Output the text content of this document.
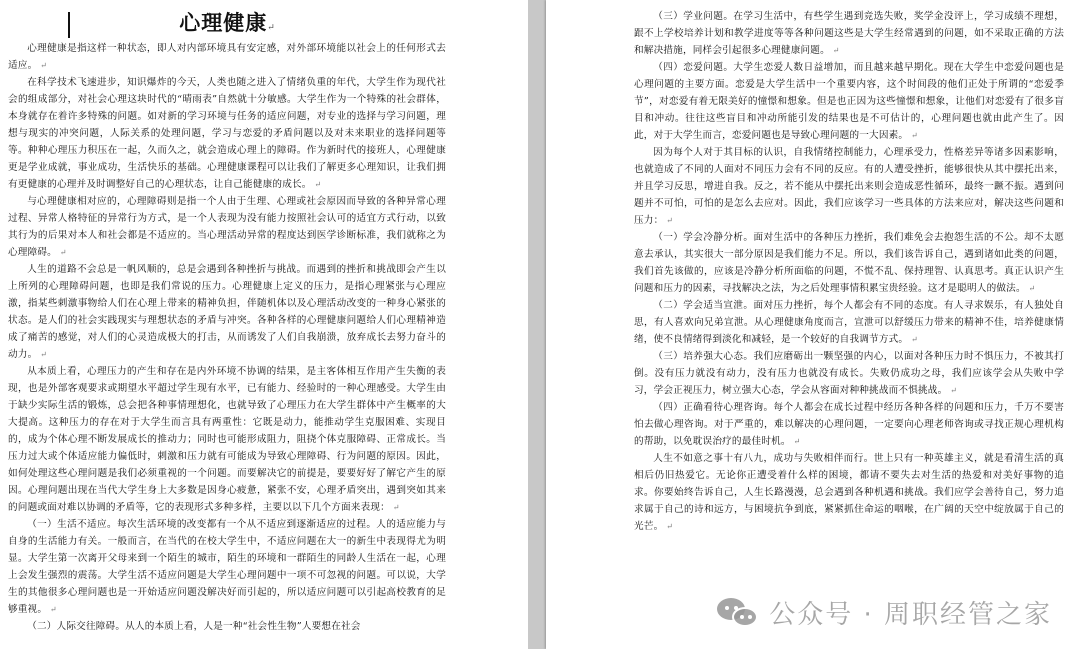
心理健康↵

心理健康是指这样一种状态，即人对内部环境具有安定感，对外部环境能以社会上的任何形式去适应。 ↵

在科学技术飞速进步，知识爆炸的今天，人类也随之进入了情绪负重的年代，大学生作为现代社会的组成部分，对社会心理这块时代的“晴雨表”自然就十分敏感。大学生作为一个特殊的社会群体，本身就存在着许多特殊的问题。如对新的学习环境与任务的适应问题，对专业的选择与学习问题，理想与现实的冲突问题，人际关系的处理问题，学习与恋爱的矛盾问题以及对未来职业的选择问题等等。种种心理压力积压在一起，久而久之，就会造成心理上的障碍。作为新时代的接班人，心理健康更是学业成就，事业成功，生活快乐的基础。心理健康课程可以让我们了解更多心理知识，让我们拥有更健康的心理并及时调整好自己的心理状态，让自己能健康的成长。 ↵

与心理健康相对应的，心理障碍则是指一个人由于生理、心理或社会原因而导致的各种异常心理过程、异常人格特征的异常行为方式，是一个人表现为没有能力按照社会认可的适宜方式行动，以致其行为的后果对本人和社会都是不适应的。当心理活动异常的程度达到医学诊断标准，我们就称之为心理障碍。 ↵

人生的道路不会总是一帆风顺的，总是会遇到各种挫折与挑战。而遇到的挫折和挑战即会产生以上所列的心理障碍问题，也即是我们常说的压力。心理健康上定义的压力，是指心理紧张与心理应激，指某些刺激事物给人们在心理上带来的精神负担，伴随机体以及心理活动改变的一种身心紧张的状态。是人们的社会实践现实与理想状态的矛盾与冲突。各种各样的心理健康问题给人们心理精神造成了痛苦的感觉，对人们的心灵造成极大的打击，从而诱发了人们自我崩溃，放弃成长去努力奋斗的动力。 ↵

从本质上看，心理压力的产生和存在是内外环境不协调的结果，是主客体相互作用产生失衡的表现，也是外部客观要求或期望水平超过学生现有水平，已有能力、经验时的一种心理感受。大学生由于缺少实际生活的锻炼，总会把各种事情理想化，也就导致了心理压力在大学生群体中产生概率的大大提高。这种压力的存在对于大学生而言具有两重性：它既是动力，能推动学生克服困难、实现目的，成为个体心理不断发展成长的推动力；同时也可能形成阻力，阻挠个体克服障碍、正常成长。当压力过大或个体适应能力偏低时，刺激和压力就有可能成为导致心理障碍、行为问题的原因。因此，如何处理这些心理问题是我们必须重视的一个问题。而要解决它的前提是，要要好好了解它产生的原因。心理问题出现在当代大学生身上大多数是因身心疲惫，紧张不安，心理矛盾突出，遇到突如其来的问题或面对难以协调的矛盾等，它的表现形式多种多样，主要以以下几个方面来表现： ↵

（一）生活不适应。每次生活环境的改变都有一个从不适应到逐渐适应的过程。人的适应能力与自身的生活能力有关。一般而言，在当代的在校大学生中，不适应问题在大一的新生中表现得尤为明显。大学生第一次离开父母来到一个陌生的城市，陌生的环境和一群陌生的同龄人生活在一起，心理上会发生强烈的震荡。大学生活不适应问题是大学生心理问题中一项不可忽视的问题。可以说，大学生的其他很多心理问题也是一开始适应问题没解决好而引起的，所以适应问题可以引起高校教育的足够重视。 ↵

（二）人际交往障碍。从人的本质上看，人是一种“社会性生物”人要想在社会

（三）学业问题。在学习生活中，有些学生遇到竞选失败，奖学金没评上，学习成绩不理想，跟不上学校培养计划和教学进度等等各种问题这些是大学生经常遇到的问题，如不采取正确的方法和解决措施，同样会引起很多心理健康问题。 ↵

（四）恋爱问题。大学生恋爱人数日益增加，而且越来越早期化。现在大学生中恋爱问题也是心理问题的主要方面。恋爱是大学生活中一个重要内容，这个时间段的他们正处于所谓的“恋爱季节”，对恋爱有着无限美好的憧憬和想象。但是也正因为这些憧憬和想象，让他们对恋爱有了很多盲目和冲动。往往这些盲目和冲动所能引发的结果也是不可估计的，心理问题也就由此产生了。因此，对于大学生而言，恋爱问题也是导致心理问题的一大因素。 ↵

因为每个人对于其目标的认识，自我情绪控制能力，心理承受力，性格差异等诸多因素影响，也就造成了不同的人面对不同压力会有不同的反应。有的人遭受挫折，能够很快从其中摆托出来，并且学习反思，增进自我。反之，若不能从中摆托出来则会造成恶性循环，最终一蹶不振。遇到问题并不可怕，可怕的是怎么去应对。因此，我们应该学习一些具体的方法来应对，解决这些问题和压力： ↵

（一）学会冷静分析。面对生活中的各种压力挫折，我们难免会去抱怨生活的不公。却不太愿意去承认，其实很大一部分原因是我们能力不足。所以，我们该告诉自己，遇到诸如此类的问题，我们首先该做的，应该是冷静分析所面临的问题，不慌不乱、保持理智、认真思考。真正认识产生问题和压力的因素，寻找解决之法，为之后处理事情积累宝贵经验。这才是聪明人的做法。 ↵

（二）学会适当宣泄。面对压力挫折，每个人都会有不同的态度。有人寻求娱乐，有人独处自思，有人喜欢向兄弟宣泄。从心理健康角度而言，宣泄可以舒缓压力带来的精神不佳，培养健康情绪，使不良情绪得到淡化和减轻，是一个较好的自我调节方式。 ↵

（三）培养强大心态。我们应磨砺出一颗坚强的内心，以面对各种压力时不惧压力，不被其打倒。没有压力就没有动力，没有压力也就没有成长。失败仍成功之母，我们应该学会从失败中学习，学会正视压力，树立强大心态，学会从容面对种种挑战而不惧挑战。 ↵

（四）正确看待心理咨询。每个人都会在成长过程中经历各种各样的问题和压力，千万不要害怕去做心理咨询。对于严重的，难以解决的心理问题，一定要向心理老师咨询或寻找正规心理机构的帮助，以免耽误治疗的最佳时机。 ↵

人生不如意之事十有八九，成功与失败相伴而行。世上只有一种英雄主义，就是看清生活的真相后仍旧热爱它。无论你正遭受着什么样的困境，都请不要失去对生活的热爱和对美好事物的追求。你要始终告诉自己，人生长路漫漫，总会遇到各种机遇和挑战。我们应学会善待自己，努力追求属于自己的诗和远方，与困境抗争到底，紧紧抓住命运的咽喉，在广阔的天空中绽放属于自己的光芒。 ↵

公众号 · 周职经管之家
